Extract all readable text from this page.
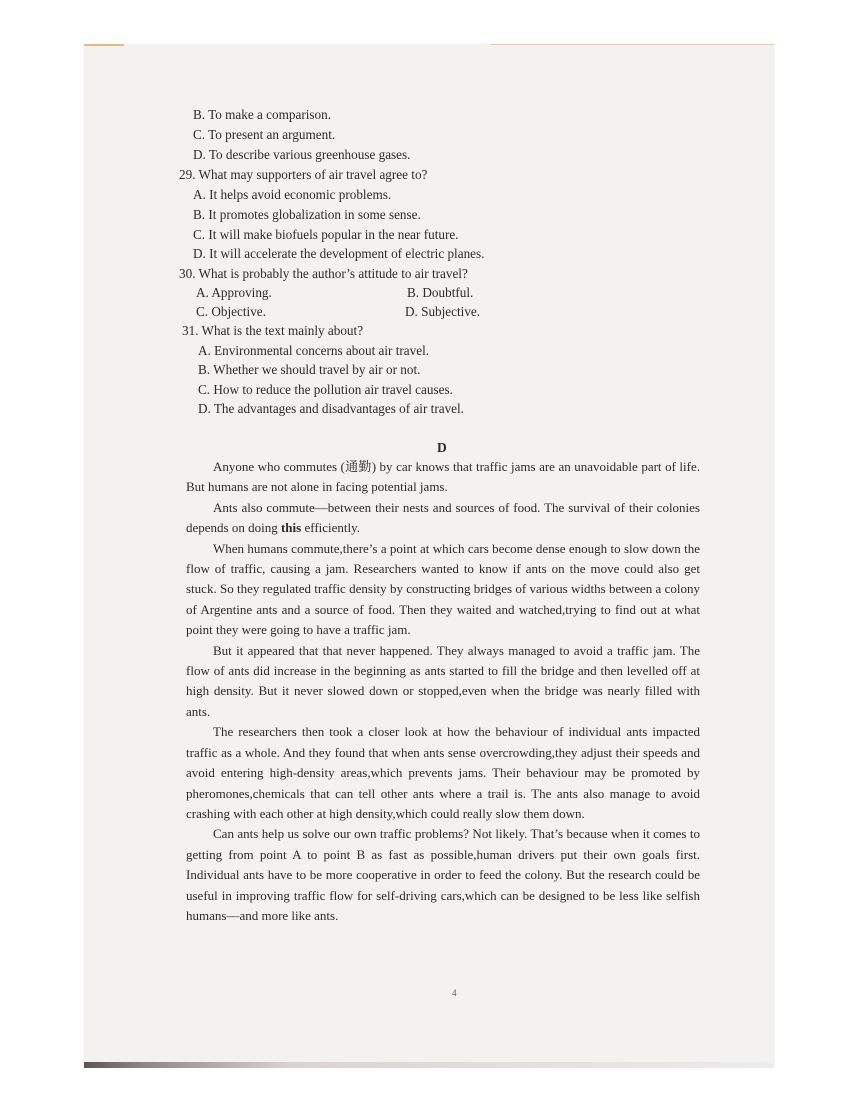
B. To make a comparison.
C. To present an argument.
D. To describe various greenhouse gases.
29. What may supporters of air travel agree to?
A. It helps avoid economic problems.
B. It promotes globalization in some sense.
C. It will make biofuels popular in the near future.
D. It will accelerate the development of electric planes.
30. What is probably the author’s attitude to air travel?
A. Approving.	B. Doubtful.
C. Objective.	D. Subjective.
31. What is the text mainly about?
A. Environmental concerns about air travel.
B. Whether we should travel by air or not.
C. How to reduce the pollution air travel causes.
D. The advantages and disadvantages of air travel.
D

Anyone who commutes (通勤) by car knows that traffic jams are an unavoidable part of life. But humans are not alone in facing potential jams.

Ants also commute—between their nests and sources of food. The survival of their colonies depends on doing this efficiently.

When humans commute,there’s a point at which cars become dense enough to slow down the flow of traffic, causing a jam. Researchers wanted to know if ants on the move could also get stuck. So they regulated traffic density by constructing bridges of various widths between a colony of Argentine ants and a source of food. Then they waited and watched,trying to find out at what point they were going to have a traffic jam.

But it appeared that that never happened. They always managed to avoid a traffic jam. The flow of ants did increase in the beginning as ants started to fill the bridge and then levelled off at high density. But it never slowed down or stopped,even when the bridge was nearly filled with ants.

The researchers then took a closer look at how the behaviour of individual ants impacted traffic as a whole. And they found that when ants sense overcrowding,they adjust their speeds and avoid entering high-density areas,which prevents jams. Their behaviour may be promoted by pheromones,chemicals that can tell other ants where a trail is. The ants also manage to avoid crashing with each other at high density,which could really slow them down.

Can ants help us solve our own traffic problems? Not likely. That’s because when it comes to getting from point A to point B as fast as possible,human drivers put their own goals first. Individual ants have to be more cooperative in order to feed the colony. But the research could be useful in improving traffic flow for self-driving cars,which can be designed to be less like selfish humans—and more like ants.

4
